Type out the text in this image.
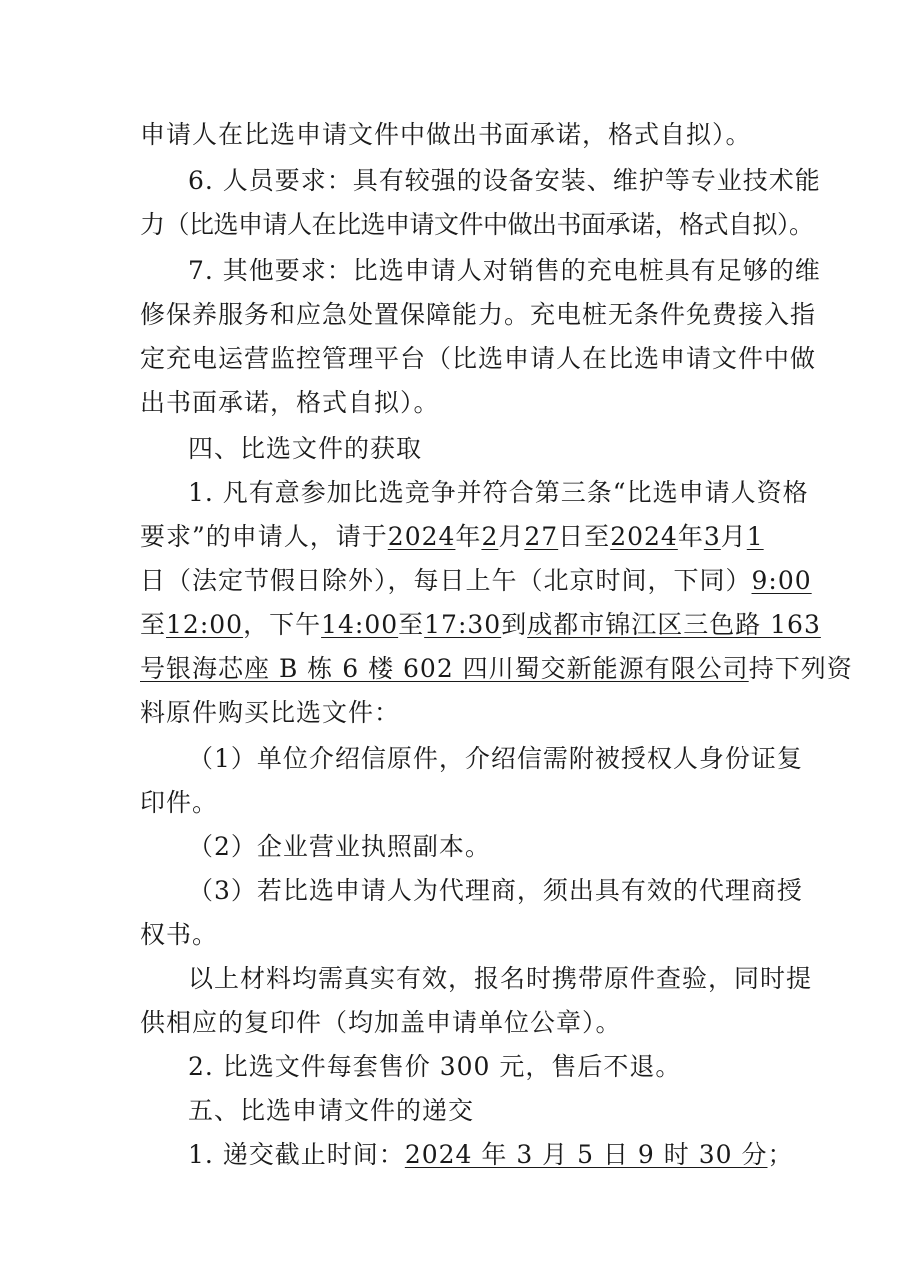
申请人在比选申请文件中做出书面承诺，格式自拟）。
6. 人员要求：具有较强的设备安装、维护等专业技术能
力（比选申请人在比选申请文件中做出书面承诺，格式自拟）。
7. 其他要求：比选申请人对销售的充电桩具有足够的维
修保养服务和应急处置保障能力。充电桩无条件免费接入指
定充电运营监控管理平台（比选申请人在比选申请文件中做
出书面承诺，格式自拟）。
四、比选文件的获取
1. 凡有意参加比选竞争并符合第三条“比选申请人资格
要求”的申请人，请于2024年2月27日至2024年3月1
日（法定节假日除外），每日上午（北京时间，下同）9:00
至12:00，下午14:00至17:30到成都市锦江区三色路 163
号银海芯座 B 栋 6 楼 602 四川蜀交新能源有限公司持下列资
料原件购买比选文件：
（1）单位介绍信原件，介绍信需附被授权人身份证复
印件。
（2）企业营业执照副本。
（3）若比选申请人为代理商，须出具有效的代理商授
权书。
以上材料均需真实有效，报名时携带原件查验，同时提
供相应的复印件（均加盖申请单位公章）。
2. 比选文件每套售价 300 元，售后不退。
五、比选申请文件的递交
1. 递交截止时间：2024 年 3 月 5 日 9 时 30 分；
